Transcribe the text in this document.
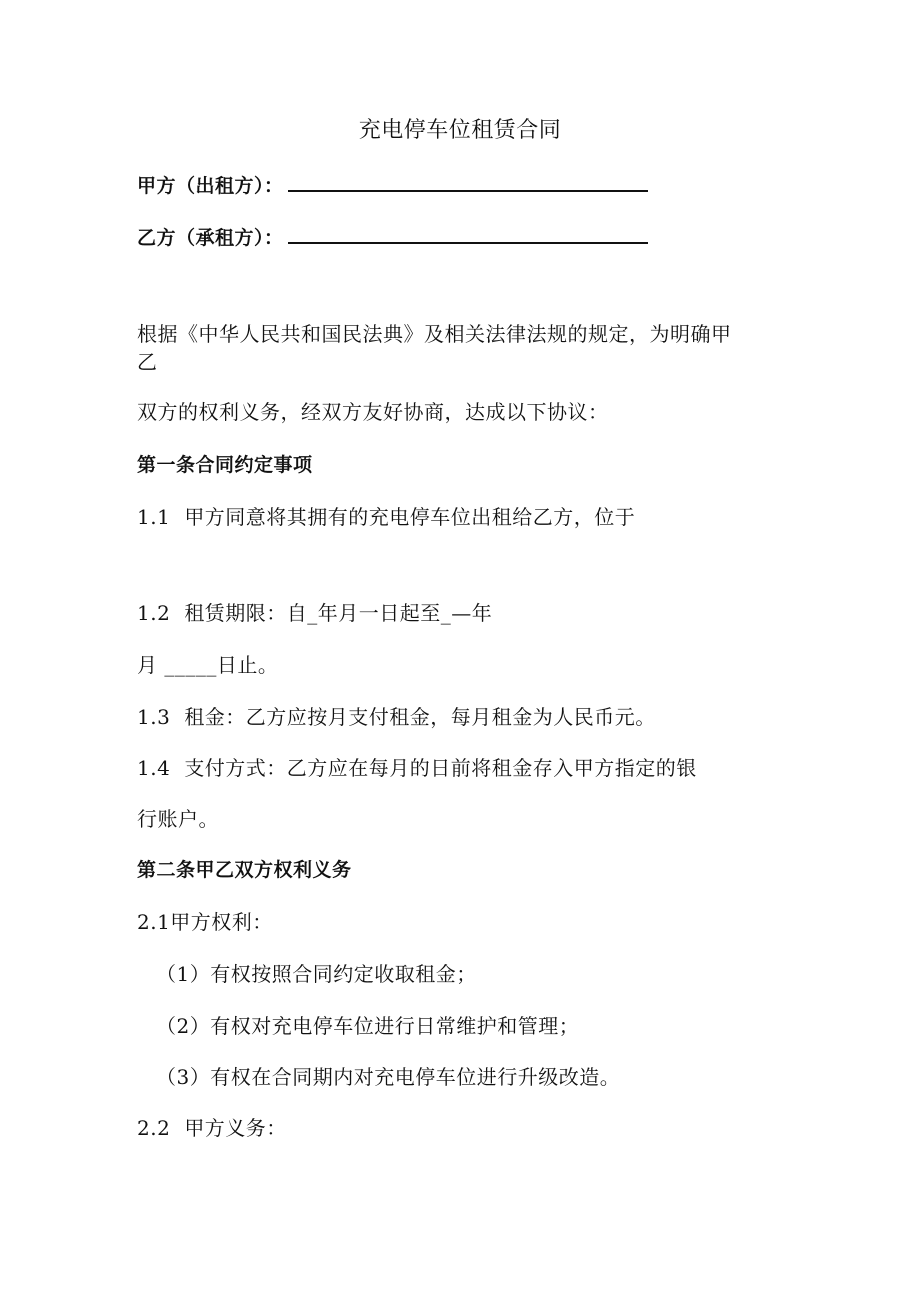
充电停车位租赁合同
甲方（出租方）：
乙方（承租方）：
根据《中华人民共和国民法典》及相关法律法规的规定，为明确甲
乙
双方的权利义务，经双方友好协商，达成以下协议：
第一条合同约定事项
1.1 甲方同意将其拥有的充电停车位出租给乙方，位于
1.2 租赁期限：自_年月一日起至_—年
月 _____日止。
1.3 租金：乙方应按月支付租金，每月租金为人民币元。
1.4 支付方式：乙方应在每月的日前将租金存入甲方指定的银
行账户。
第二条甲乙双方权利义务
2.1甲方权利：
（1）有权按照合同约定收取租金；
（2）有权对充电停车位进行日常维护和管理；
（3）有权在合同期内对充电停车位进行升级改造。
2.2 甲方义务：
